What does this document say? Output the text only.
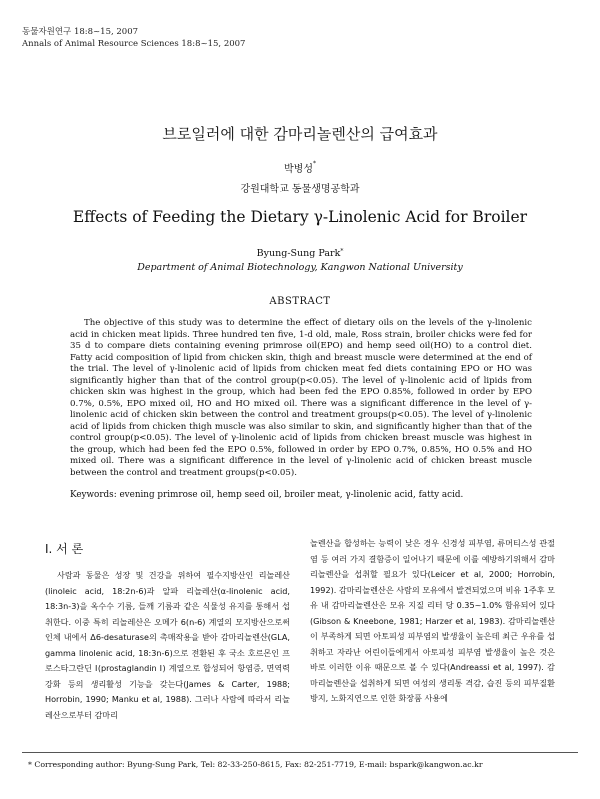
동물자원연구 18:8~15, 2007
Annals of Animal Resource Sciences 18:8~15, 2007
브로일러에 대한 감마리놀렌산의 급여효과
박병성*
강원대학교 동물생명공학과
Effects of Feeding the Dietary γ-Linolenic Acid for Broiler
Byung-Sung Park*
Department of Animal Biotechnology, Kangwon National University
ABSTRACT
The objective of this study was to determine the effect of dietary oils on the levels of the γ-linolenic acid in chicken meat lipids. Three hundred ten five, 1-d old, male, Ross strain, broiler chicks were fed for 35 d to compare diets containing evening primrose oil(EPO) and hemp seed oil(HO) to a control diet. Fatty acid composition of lipid from chicken skin, thigh and breast muscle were determined at the end of the trial. The level of γ-linolenic acid of lipids from chicken meat fed diets containing EPO or HO was significantly higher than that of the control group(p<0.05). The level of γ-linolenic acid of lipids from chicken skin was highest in the group, which had been fed the EPO 0.85%, followed in order by EPO 0.7%, 0.5%, EPO mixed oil, HO and HO mixed oil. There was a significant difference in the level of γ-linolenic acid of chicken skin between the control and treatment groups(p<0.05). The level of γ-linolenic acid of lipids from chicken thigh muscle was also similar to skin, and significantly higher than that of the control group(p<0.05). The level of γ-linolenic acid of lipids from chicken breast muscle was highest in the group, which had been fed the EPO 0.5%, followed in order by EPO 0.7%, 0.85%, HO 0.5% and HO mixed oil. There was a significant difference in the level of γ-linolenic acid of chicken breast muscle between the control and treatment groups(p<0.05).
Keywords: evening primrose oil, hemp seed oil, broiler meat, γ-linolenic acid, fatty acid.
Ⅰ. 서 론
사람과 동물은 성장 및 건강을 위하여 필수지방산인 리놀레산(linoleic acid, 18:2n-6)과 알파 리놀레산(α-linolenic acid, 18:3n-3)을 옥수수 기름, 들깨 기름과 같은 식물성 유지를 통해서 섭취한다. 이중 특히 리놀레산은 오메가 6(n-6) 계열의 모지방산으로써 인체 내에서 Δ6-desaturase의 촉매작용을 받아 감마리놀렌산(GLA, gamma linolenic acid, 18:3n-6)으로 전환된 후 국소 호르몬인 프로스타그란딘 Ⅰ(prostaglandin Ⅰ) 계열으로 합성되어 항염증, 면역력 강화 등의 생리활성 기능을 갖는다(James & Carter, 1988; Horrobin, 1990; Manku et al, 1988). 그러나 사람에 따라서 리놀레산으로부터 감마리
놀렌산을 합성하는 능력이 낮은 경우 신경성 피부염, 류머티스성 관절염 등 여러 가지 결함증이 일어나기 때문에 이를 예방하기위해서 감마리놀렌산을 섭취할 필요가 있다(Leicer et al, 2000; Horrobin, 1992). 감마리놀렌산은 사람의 모유에서 발견되었으며 비유 1주후 모유 내 감마리놀렌산은 모유 지질 리터 당 0.35~1.0% 함유되어 있다(Gibson & Kneebone, 1981; Harzer et al, 1983). 감마리놀렌산이 부족하게 되면 아토피성 피부염의 발생율이 높은데 최근 우유를 섭취하고 자라난 어린이들에게서 아토피성 피부염 발생율이 높은 것은 바로 이러한 이유 때문으로 볼 수 있다(Andreassi et al, 1997). 감마리놀렌산을 섭취하게 되면 여성의 생리통 격감, 습진 등의 피부질환 방지, 노화지연으로 인한 화장품 사용에
* Corresponding author: Byung-Sung Park, Tel: 82-33-250-8615, Fax: 82-251-7719, E-mail: bspark@kangwon.ac.kr
